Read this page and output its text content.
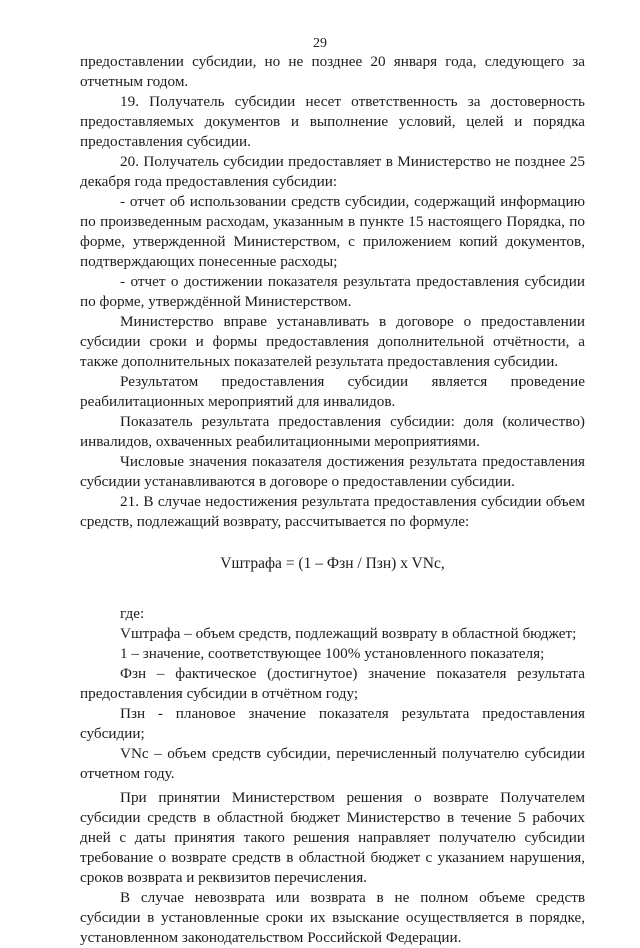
29

предоставлении субсидии, но не позднее 20 января года, следующего за отчетным годом.

19. Получатель субсидии несет ответственность за достоверность предоставляемых документов и выполнение условий, целей и порядка предоставления субсидии.

20. Получатель субсидии предоставляет в Министерство не позднее 25 декабря года предоставления субсидии:

- отчет об использовании средств субсидии, содержащий информацию по произведенным расходам, указанным в пункте 15 настоящего Порядка, по форме, утвержденной Министерством, с приложением копий документов, подтверждающих понесенные расходы;

- отчет о достижении показателя результата предоставления субсидии по форме, утверждённой Министерством.

Министерство вправе устанавливать в договоре о предоставлении субсидии сроки и формы предоставления дополнительной отчётности, а также дополнительных показателей результата предоставления субсидии.

Результатом предоставления субсидии является проведение реабилитационных мероприятий для инвалидов.

Показатель результата предоставления субсидии: доля (количество) инвалидов, охваченных реабилитационными мероприятиями.

Числовые значения показателя достижения результата предоставления субсидии устанавливаются в договоре о предоставлении субсидии.

21. В случае недостижения результата предоставления субсидии объем средств, подлежащий возврату, рассчитывается по формуле:

Vштрафа = (1 – Фзн / Пзн) x VNс,

где:

Vштрафа – объем средств, подлежащий возврату в областной бюджет;

1 – значение, соответствующее 100% установленного показателя;

Фзн – фактическое (достигнутое) значение показателя результата предоставления субсидии в отчётном году;

Пзн - плановое значение показателя результата предоставления субсидии;

VNс – объем средств субсидии, перечисленный получателю субсидии отчетном году.

При принятии Министерством решения о возврате Получателем субсидии средств в областной бюджет Министерство в течение 5 рабочих дней с даты принятия такого решения направляет получателю субсидии требование о возврате средств в областной бюджет с указанием нарушения, сроков возврата и реквизитов перечисления.

В случае невозврата или возврата в не полном объеме средств субсидии в установленные сроки их взыскание осуществляется в порядке, установленном законодательством Российской Федерации.
